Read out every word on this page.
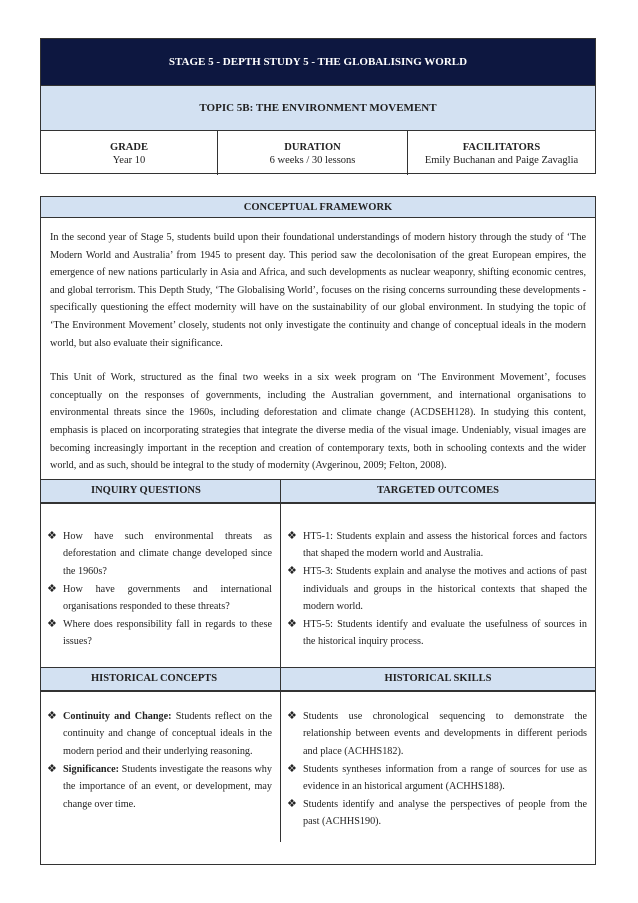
STAGE 5 - DEPTH STUDY 5 - THE GLOBALISING WORLD
TOPIC 5B: THE ENVIRONMENT MOVEMENT
GRADE
Year 10
DURATION
6 weeks / 30 lessons
FACILITATORS
Emily Buchanan and Paige Zavaglia
CONCEPTUAL FRAMEWORK

In the second year of Stage 5, students build upon their foundational understandings of modern history through the study of ‘The Modern World and Australia’ from 1945 to present day. This period saw the decolonisation of the great European empires, the emergence of new nations particularly in Asia and Africa, and such developments as nuclear weaponry, shifting economic centres, and global terrorism. This Depth Study, ‘The Globalising World’, focuses on the rising concerns surrounding these developments - specifically questioning the effect modernity will have on the sustainability of our global environment. In studying the topic of ‘The Environment Movement’ closely, students not only investigate the continuity and change of conceptual ideals in the modern world, but also evaluate their significance.

This Unit of Work, structured as the final two weeks in a six week program on ‘The Environment Movement’, focuses conceptually on the responses of governments, including the Australian government, and international organisations to environmental threats since the 1960s, including deforestation and climate change (ACDSEH128). In studying this content, emphasis is placed on incorporating strategies that integrate the diverse media of the visual image. Undeniably, visual images are becoming increasingly important in the reception and creation of contemporary texts, both in schooling contexts and the wider world, and as such, should be integral to the study of modernity (Avgerinou, 2009; Felton, 2008).

INQUIRY QUESTIONS	TARGETED OUTCOMES
❖ How have such environmental threats as deforestation and climate change developed since the 1960s?
❖ How have governments and international organisations responded to these threats?
❖ Where does responsibility fall in regards to these issues?
❖ HT5-1: Students explain and assess the historical forces and factors that shaped the modern world and Australia.
❖ HT5-3: Students explain and analyse the motives and actions of past individuals and groups in the historical contexts that shaped the modern world.
❖ HT5-5: Students identify and evaluate the usefulness of sources in the historical inquiry process.
HISTORICAL CONCEPTS	HISTORICAL SKILLS
❖ Continuity and Change: Students reflect on the continuity and change of conceptual ideals in the modern period and their underlying reasoning.
❖ Significance: Students investigate the reasons why the importance of an event, or development, may change over time.
❖ Students use chronological sequencing to demonstrate the relationship between events and developments in different periods and place (ACHHS182).
❖ Students syntheses information from a range of sources for use as evidence in an historical argument (ACHHS188).
❖ Students identify and analyse the perspectives of people from the past (ACHHS190).
